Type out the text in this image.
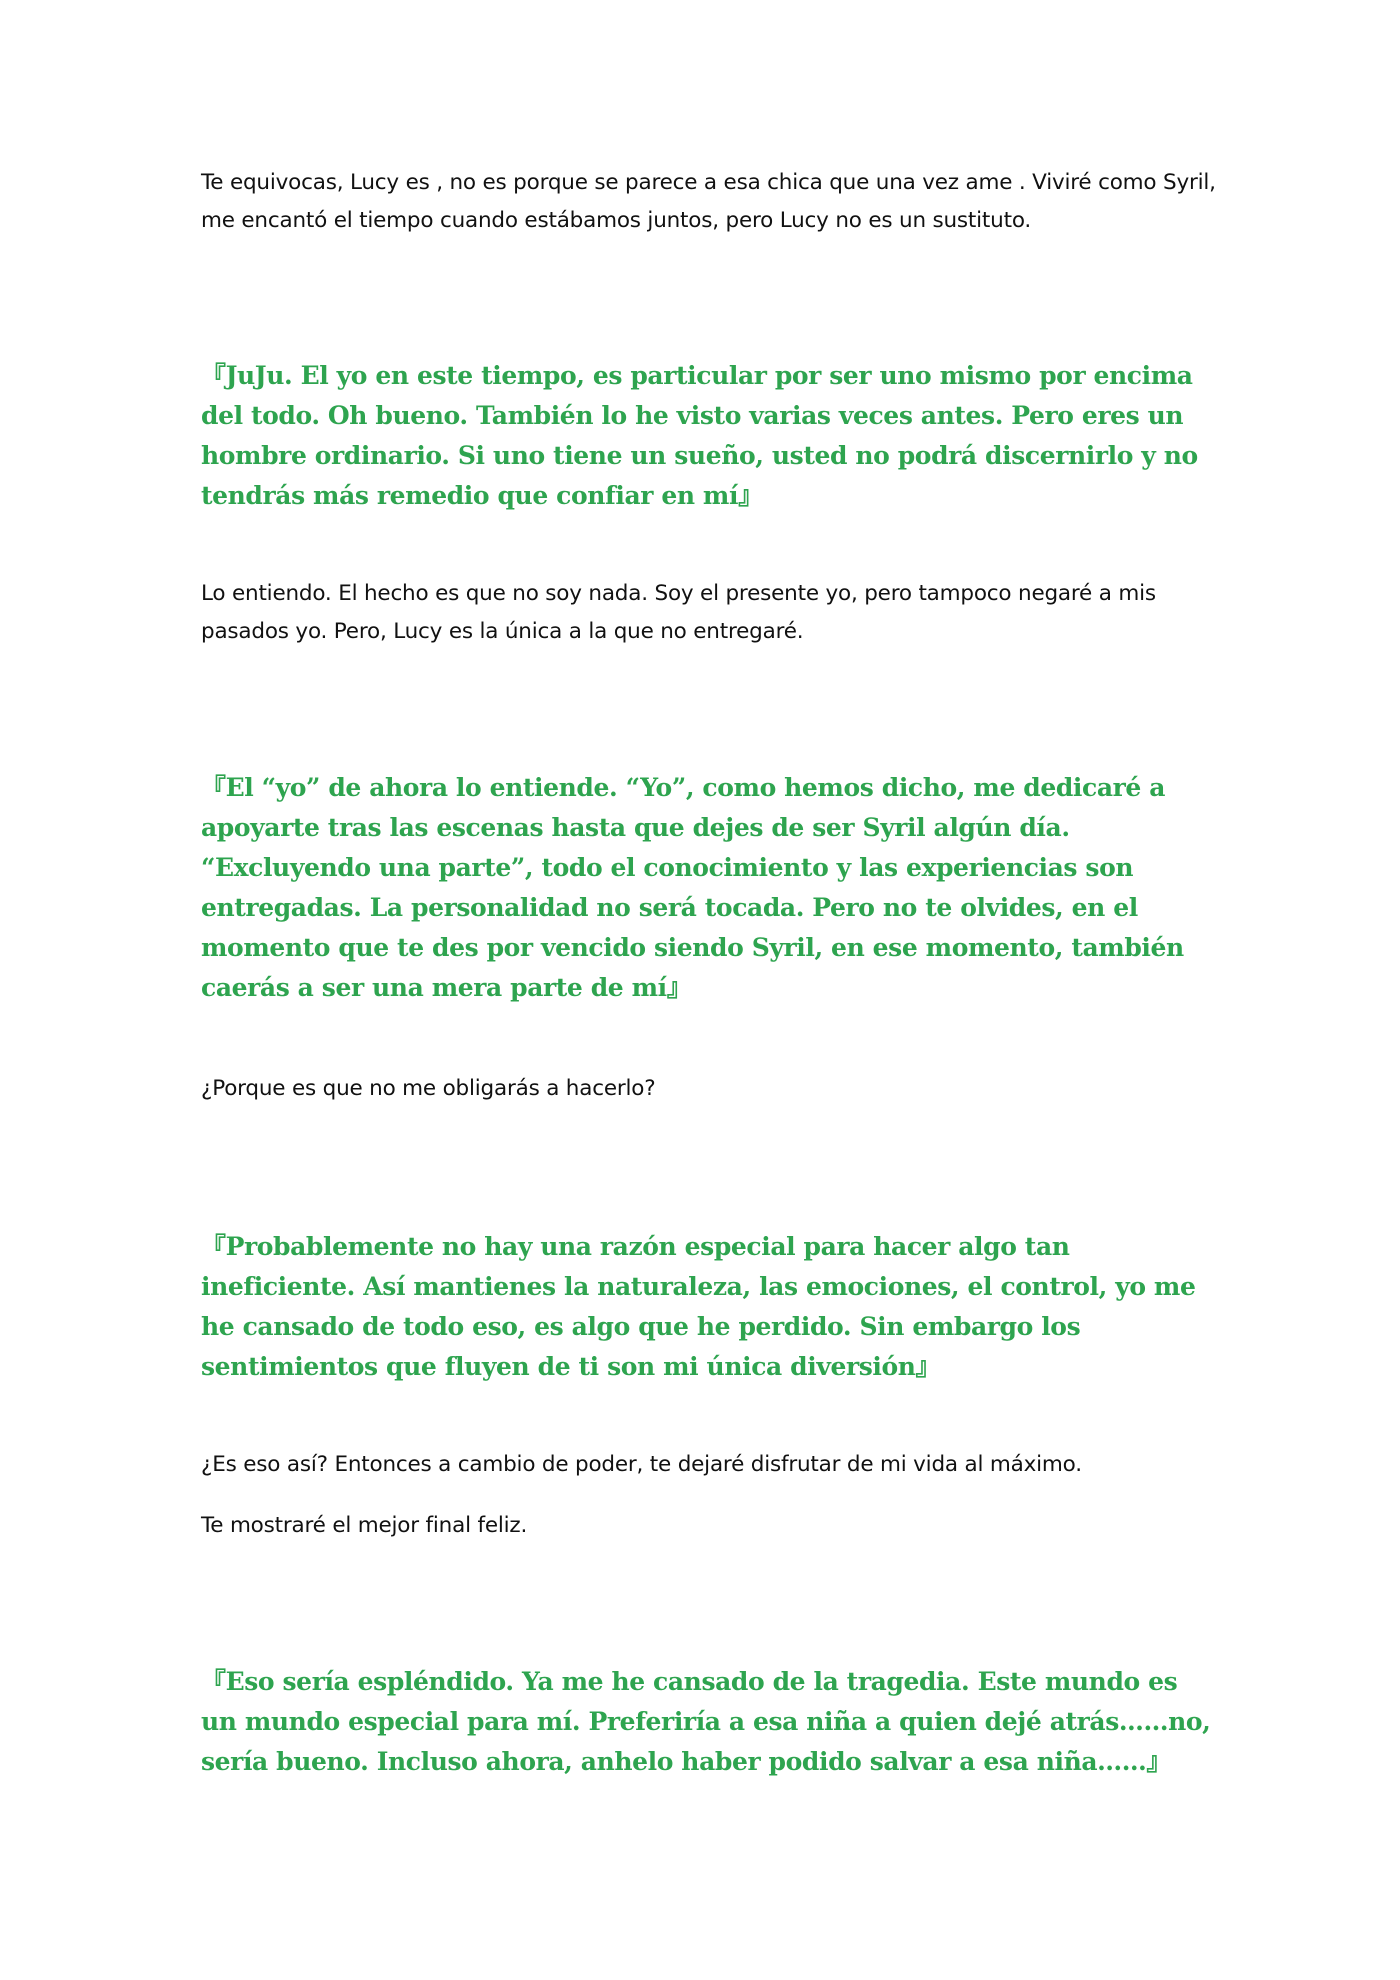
Te equivocas, Lucy es , no es porque se parece a esa chica que una vez ame . Viviré como Syril, me encantó el tiempo cuando estábamos juntos, pero Lucy no es un sustituto.

『JuJu. El yo en este tiempo, es particular por ser uno mismo por encima del todo. Oh bueno. También lo he visto varias veces antes. Pero eres un hombre ordinario. Si uno tiene un sueño, usted no podrá discernirlo y no tendrás más remedio que confiar en mí』

Lo entiendo. El hecho es que no soy nada. Soy el presente yo, pero tampoco negaré a mis pasados yo. Pero, Lucy es la única a la que no entregaré.

『El “yo” de ahora lo entiende. “Yo”, como hemos dicho, me dedicaré a apoyarte tras las escenas hasta que dejes de ser Syril algún día. “Excluyendo una parte”, todo el conocimiento y las experiencias son entregadas. La personalidad no será tocada. Pero no te olvides, en el momento que te des por vencido siendo Syril, en ese momento, también caerás a ser una mera parte de mí』

¿Porque es que no me obligarás a hacerlo?

『Probablemente no hay una razón especial para hacer algo tan ineficiente. Así mantienes la naturaleza, las emociones, el control, yo me he cansado de todo eso, es algo que he perdido. Sin embargo los sentimientos que fluyen de ti son mi única diversión』

¿Es eso así? Entonces a cambio de poder, te dejaré disfrutar de mi vida al máximo.

Te mostraré el mejor final feliz.

『Eso sería espléndido. Ya me he cansado de la tragedia. Este mundo es un mundo especial para mí. Preferiría a esa niña a quien dejé atrás……no, sería bueno. Incluso ahora, anhelo haber podido salvar a esa niña……』
